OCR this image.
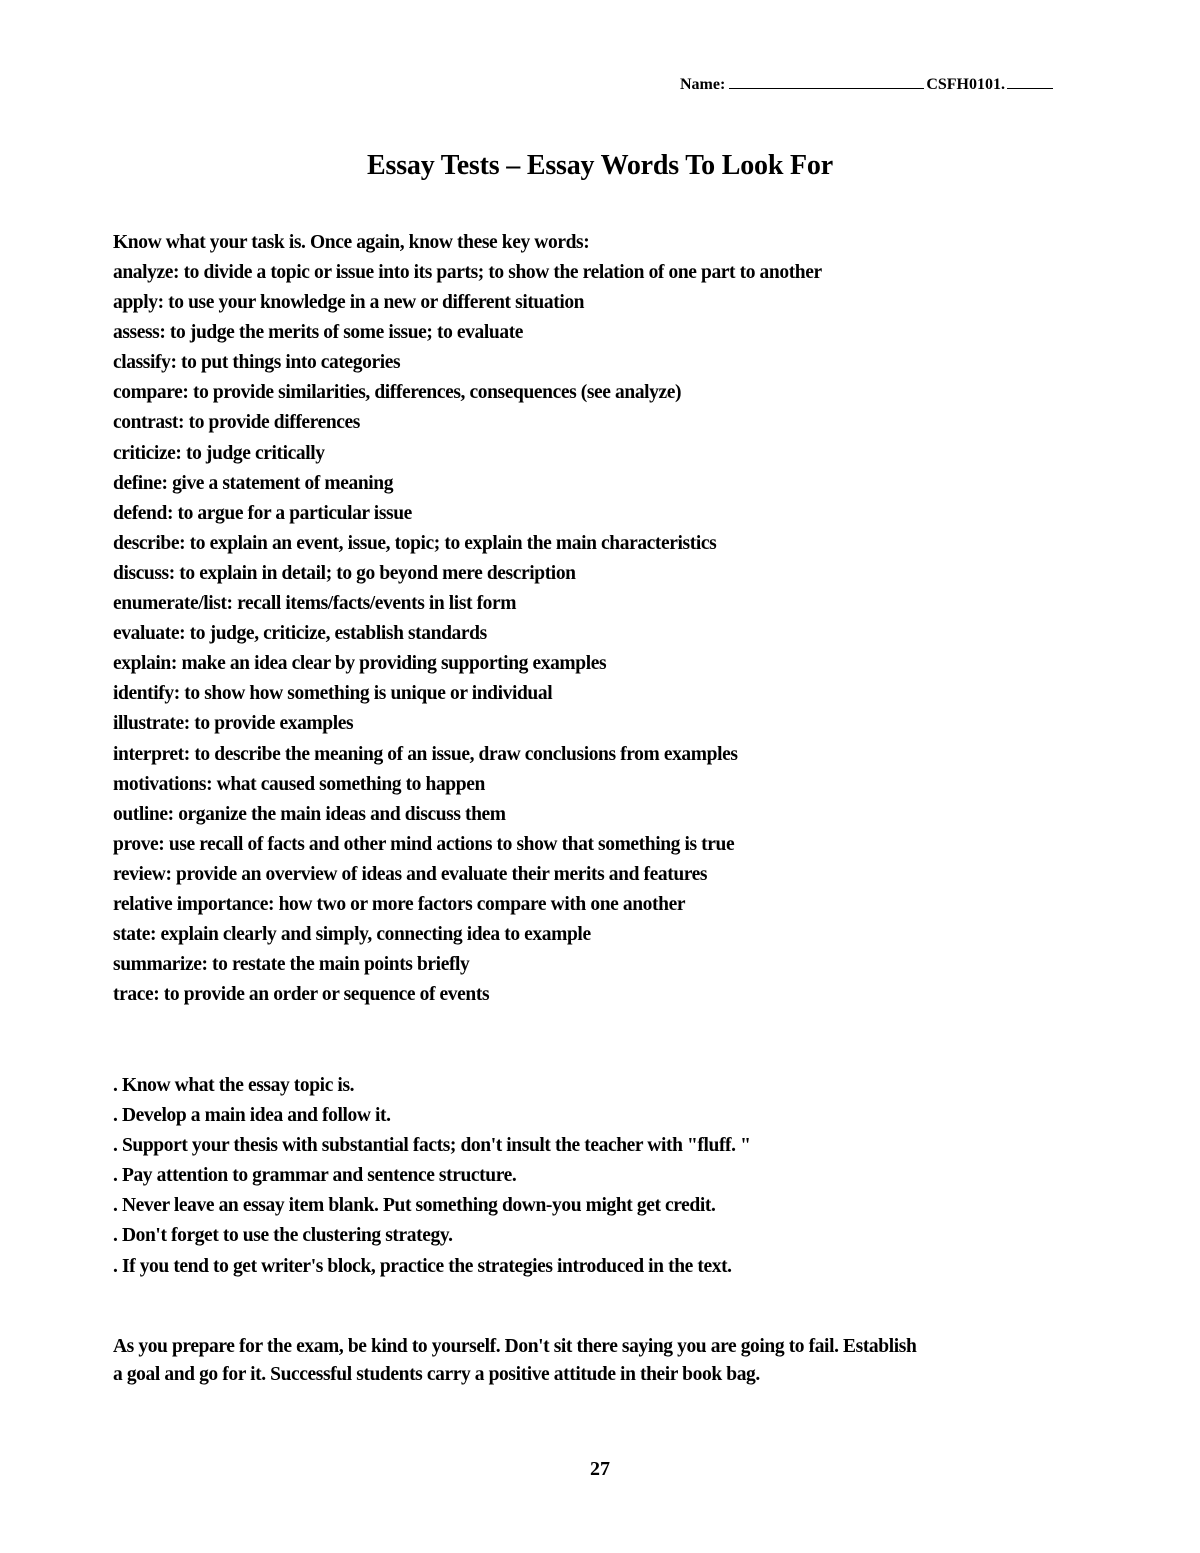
Name:	CSFH0101.
Essay Tests – Essay Words To Look For
Know what your task is. Once again, know these key words:
analyze: to divide a topic or issue into its parts; to show the relation of one part to another
apply: to use your knowledge in a new or different situation
assess: to judge the merits of some issue; to evaluate
classify: to put things into categories
compare: to provide similarities, differences, consequences (see analyze)
contrast: to provide differences
criticize: to judge critically
define: give a statement of meaning
defend: to argue for a particular issue
describe: to explain an event, issue, topic; to explain the main characteristics
discuss: to explain in detail; to go beyond mere description
enumerate/list: recall items/facts/events in list form
evaluate: to judge, criticize, establish standards
explain: make an idea clear by providing supporting examples
identify: to show how something is unique or individual
illustrate: to provide examples
interpret: to describe the meaning of an issue, draw conclusions from examples
motivations: what caused something to happen
outline: organize the main ideas and discuss them
prove: use recall of facts and other mind actions to show that something is true
review: provide an overview of ideas and evaluate their merits and features
relative importance: how two or more factors compare with one another
state: explain clearly and simply, connecting idea to example
summarize: to restate the main points briefly
trace: to provide an order or sequence of events
. Know what the essay topic is.
. Develop a main idea and follow it.
. Support your thesis with substantial facts; don't insult the teacher with "fluff. "
. Pay attention to grammar and sentence structure.
. Never leave an essay item blank. Put something down-you might get credit.
. Don't forget to use the clustering strategy.
. If you tend to get writer's block, practice the strategies introduced in the text.
As you prepare for the exam, be kind to yourself. Don't sit there saying you are going to fail. Establish
a goal and go for it. Successful students carry a positive attitude in their book bag.
27
